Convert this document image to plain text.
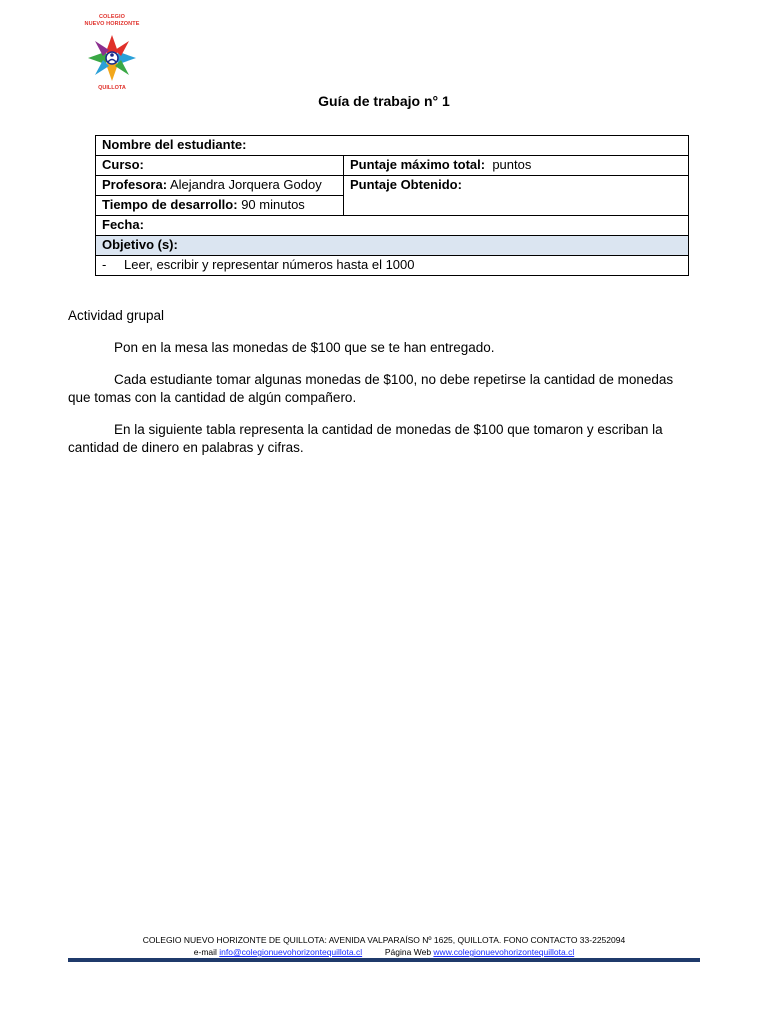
COLEGIO
NUEVO HORIZONTE
QUILLOTA
Guía de trabajo n° 1
Nombre del estudiante:	
Curso:	Puntaje máximo total: puntos
Profesora: Alejandra Jorquera Godoy	Puntaje Obtenido:
Tiempo de desarrollo: 90 minutos	
Fecha:	
Objetivo (s):	
- Leer, escribir y representar números hasta el 1000	
Actividad grupal
Pon en la mesa las monedas de $100 que se te han entregado.
Cada estudiante tomar algunas monedas de $100, no debe repetirse la cantidad de monedas que tomas con la cantidad de algún compañero.
En la siguiente tabla representa la cantidad de monedas de $100 que tomaron y escriban la cantidad de dinero en palabras y cifras.
COLEGIO NUEVO HORIZONTE DE QUILLOTA: AVENIDA VALPARAÍSO Nº 1625, QUILLOTA. FONO CONTACTO 33-2252094
e-mail info@colegionuevohorizontequillota.cl	Página Web www.colegionuevohorizontequillota.cl
